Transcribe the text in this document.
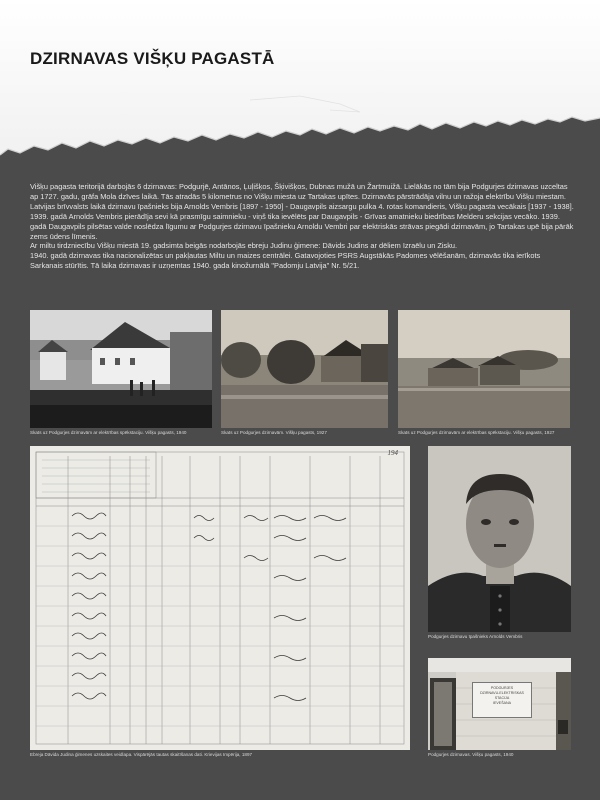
DZIRNAVAS VIŠĶU PAGASTĀ

Višķu pagasta teritorijā darbojās 6 dzirnavas: Podgurjē, Antānos, Ļuļišķos, Šķivišķos, Dubnas mužā un Žartmuižā. Lielākās no tām bija Podgurjes dzirnavas uzceltas ap 1727. gadu, grāfa Mola dzīves laikā. Tās atradās 5 kilometrus no Višķu miesta uz Tartakas upītes. Dzirnavās pārstrādāja vilnu un ražoja elektrību Višķu miestam. Latvijas brīvvalsts laikā dzirnavu īpašnieks bija Arnolds Vembris [1897 - 1950] - Daugavpils aizsargu pulka 4. rotas komandieris, Višķu pagasta vecākais [1937 - 1938]. 1939. gadā Arnolds Vembris pierādīja sevi kā prasmīgu saimnieku - viņš tika ievēlēts par Daugavpils - Grīvas amatnieku biedrības Melderu sekcijas vecāko. 1939. gadā Daugavpils pilsētas valde noslēdza līgumu ar Podgurjes dzirnavu īpašnieku Arnoldu Vembri par elektriskās strāvas piegādi dzirnavām, jo Tartakas upē bija pārāk zems ūdens līmenis.

Ar miltu tirdzniecību Višķu miestā 19. gadsimta beigās nodarbojās ebreju Judinu ģimene: Dāvids Judins ar dēliem Izraēlu un Zisku.

1940. gadā dzirnavas tika nacionalizētas un pakļautas Miltu un maizes centrālei. Gatavojoties PSRS Augstākās Padomes vēlēšanām, dzirnavās tika ierīkots Sarkanais stūrītis. Tā laika dzirnavas ir uzņemtas 1940. gada kinožurnālā "Padomju Latvija" Nr. 5/21.

Skats uz Podgurjes dzirnavām ar elektrības spēkstaciju. Višķu pagasts, 1940	Skats uz Podgurjes dzirnavām. Višķu pagasts, 1927	Skats uz Podgurjes dzirnavām ar elektrības spēkstaciju. Višķu pagasts, 1927
194
Ebreja Dāvida Judina ģimenes uzskaites veidlapa. Vispārējās tautas skaitīšanas dati. Krievijas Impērija, 1897
Podgurjes dzirnavu īpašnieks Arnolds Vembris
PODGURJES
DZIRNAVU-ELEKTRISKAS
STACIJA
IEVEŠANA
Podgurjes dzirnavas. Višķu pagasts, 1940
